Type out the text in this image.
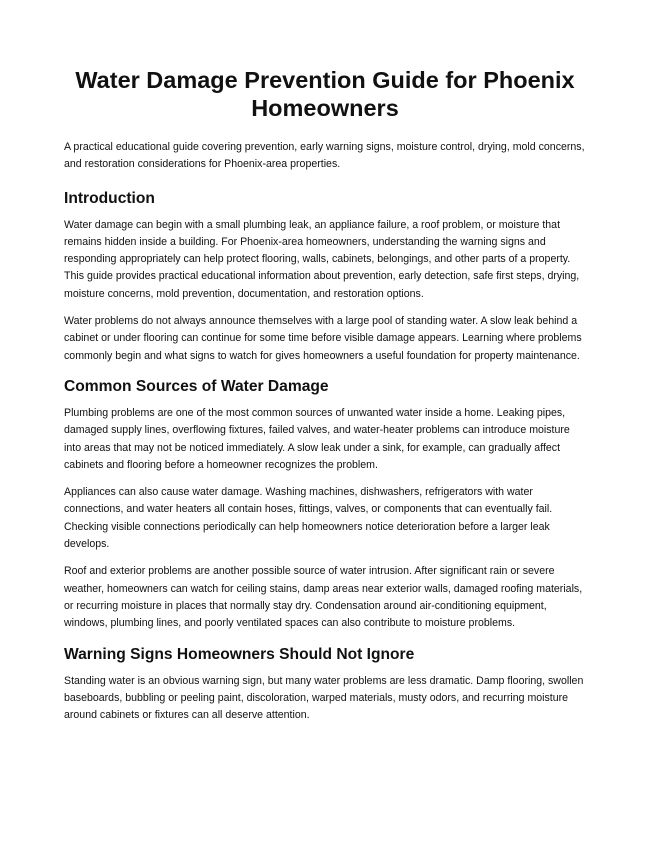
Water Damage Prevention Guide for Phoenix Homeowners

A practical educational guide covering prevention, early warning signs, moisture control, drying, mold concerns, and restoration considerations for Phoenix-area properties.

Introduction

Water damage can begin with a small plumbing leak, an appliance failure, a roof problem, or moisture that remains hidden inside a building. For Phoenix-area homeowners, understanding the warning signs and responding appropriately can help protect flooring, walls, cabinets, belongings, and other parts of a property. This guide provides practical educational information about prevention, early detection, safe first steps, drying, moisture concerns, mold prevention, documentation, and restoration options.

Water problems do not always announce themselves with a large pool of standing water. A slow leak behind a cabinet or under flooring can continue for some time before visible damage appears. Learning where problems commonly begin and what signs to watch for gives homeowners a useful foundation for property maintenance.

Common Sources of Water Damage

Plumbing problems are one of the most common sources of unwanted water inside a home. Leaking pipes, damaged supply lines, overflowing fixtures, failed valves, and water-heater problems can introduce moisture into areas that may not be noticed immediately. A slow leak under a sink, for example, can gradually affect cabinets and flooring before a homeowner recognizes the problem.

Appliances can also cause water damage. Washing machines, dishwashers, refrigerators with water connections, and water heaters all contain hoses, fittings, valves, or components that can eventually fail. Checking visible connections periodically can help homeowners notice deterioration before a larger leak develops.

Roof and exterior problems are another possible source of water intrusion. After significant rain or severe weather, homeowners can watch for ceiling stains, damp areas near exterior walls, damaged roofing materials, or recurring moisture in places that normally stay dry. Condensation around air-conditioning equipment, windows, plumbing lines, and poorly ventilated spaces can also contribute to moisture problems.

Warning Signs Homeowners Should Not Ignore

Standing water is an obvious warning sign, but many water problems are less dramatic. Damp flooring, swollen baseboards, bubbling or peeling paint, discoloration, warped materials, musty odors, and recurring moisture around cabinets or fixtures can all deserve attention.
